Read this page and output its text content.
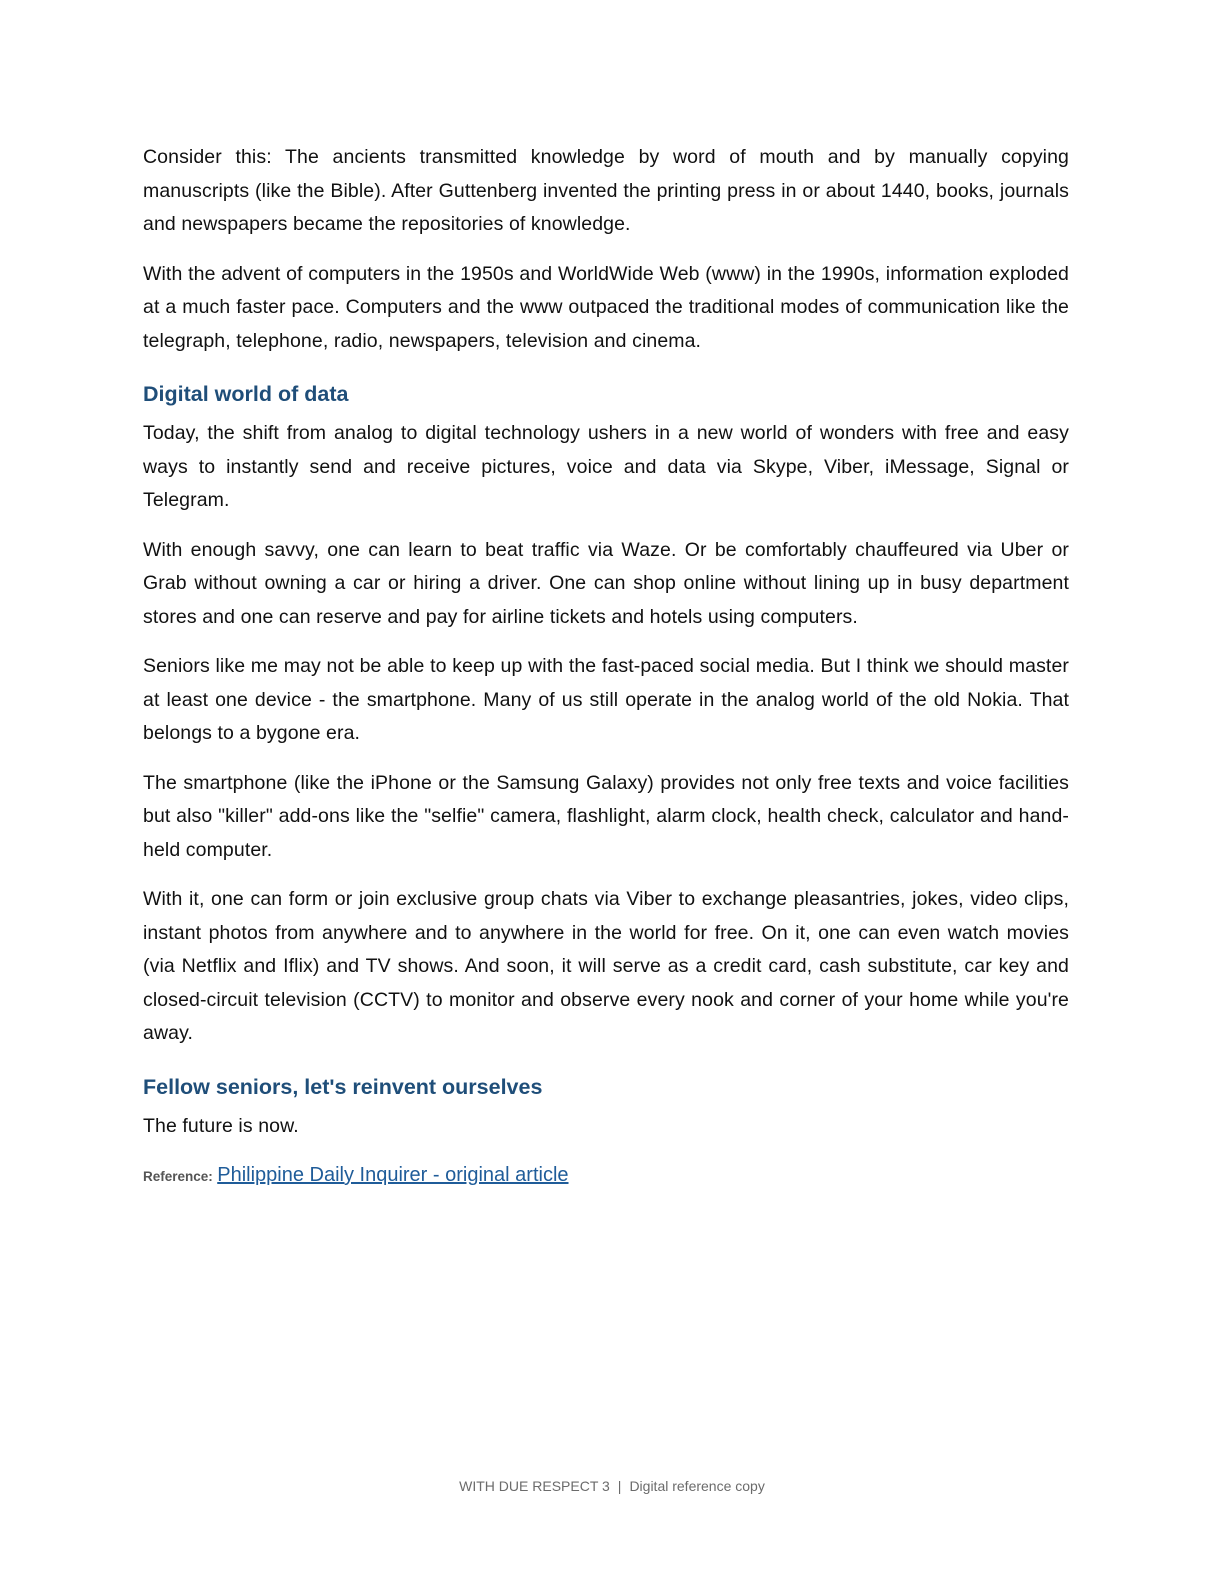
Consider this: The ancients transmitted knowledge by word of mouth and by manually copying manuscripts (like the Bible). After Guttenberg invented the printing press in or about 1440, books, journals and newspapers became the repositories of knowledge.

With the advent of computers in the 1950s and WorldWide Web (www) in the 1990s, information exploded at a much faster pace. Computers and the www outpaced the traditional modes of communication like the telegraph, telephone, radio, newspapers, television and cinema.

Digital world of data

Today, the shift from analog to digital technology ushers in a new world of wonders with free and easy ways to instantly send and receive pictures, voice and data via Skype, Viber, iMessage, Signal or Telegram.

With enough savvy, one can learn to beat traffic via Waze. Or be comfortably chauffeured via Uber or Grab without owning a car or hiring a driver. One can shop online without lining up in busy department stores and one can reserve and pay for airline tickets and hotels using computers.

Seniors like me may not be able to keep up with the fast-paced social media. But I think we should master at least one device - the smartphone. Many of us still operate in the analog world of the old Nokia. That belongs to a bygone era.

The smartphone (like the iPhone or the Samsung Galaxy) provides not only free texts and voice facilities but also "killer" add-ons like the "selfie" camera, flashlight, alarm clock, health check, calculator and hand-held computer.

With it, one can form or join exclusive group chats via Viber to exchange pleasantries, jokes, video clips, instant photos from anywhere and to anywhere in the world for free. On it, one can even watch movies (via Netflix and Iflix) and TV shows. And soon, it will serve as a credit card, cash substitute, car key and closed-circuit television (CCTV) to monitor and observe every nook and corner of your home while you're away.

Fellow seniors, let's reinvent ourselves

The future is now.

Reference: Philippine Daily Inquirer - original article
WITH DUE RESPECT 3 | Digital reference copy
